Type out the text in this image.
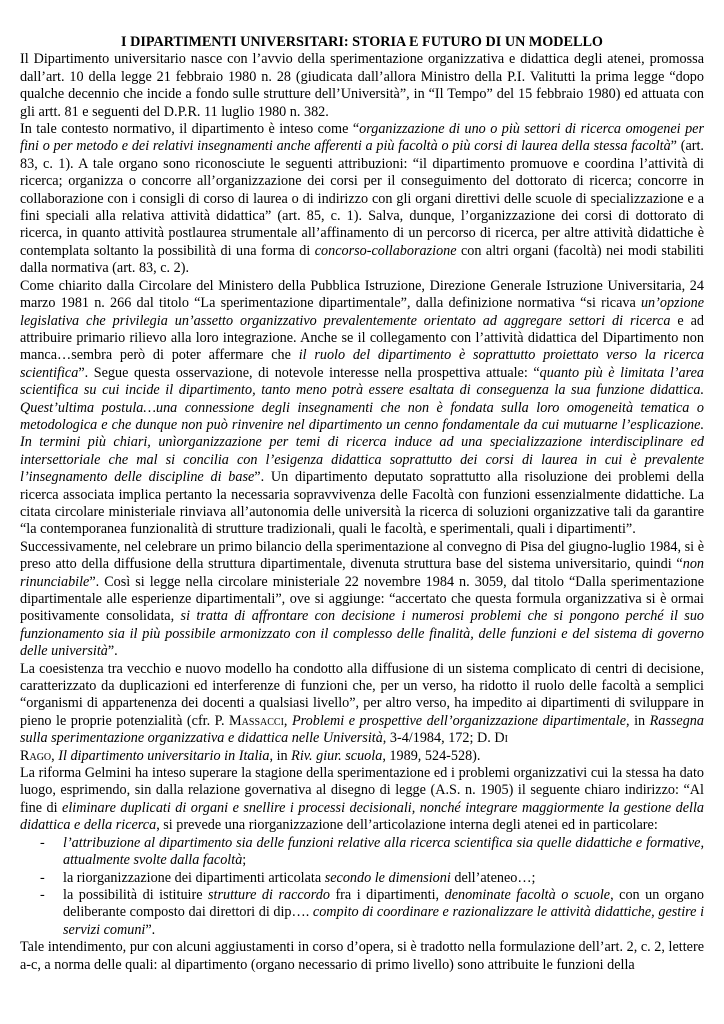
I DIPARTIMENTI UNIVERSITARI: STORIA E FUTURO DI UN MODELLO

Il Dipartimento universitario nasce con l’avvio della sperimentazione organizzativa e didattica degli atenei, promossa dall’art. 10 della legge 21 febbraio 1980 n. 28 (giudicata dall’allora Ministro della P.I. Valitutti la prima legge “dopo qualche decennio che incide a fondo sulle strutture dell’Università”, in “Il Tempo” del 15 febbraio 1980) ed attuata con gli artt. 81 e seguenti del D.P.R. 11 luglio 1980 n. 382.

In tale contesto normativo, il dipartimento è inteso come “organizzazione di uno o più settori di ricerca omogenei per fini o per metodo e dei relativi insegnamenti anche afferenti a più facoltà o più corsi di laurea della stessa facoltà” (art. 83, c. 1). A tale organo sono riconosciute le seguenti attribuzioni: “il dipartimento promuove e coordina l’attività di ricerca; organizza o concorre all’organizzazione dei corsi per il conseguimento del dottorato di ricerca; concorre in collaborazione con i consigli di corso di laurea o di indirizzo con gli organi direttivi delle scuole di specializzazione e a fini speciali alla relativa attività didattica” (art. 85, c. 1). Salva, dunque, l’organizzazione dei corsi di dottorato di ricerca, in quanto attività postlaurea strumentale all’affinamento di un percorso di ricerca, per altre attività didattiche è contemplata soltanto la possibilità di una forma di concorso-collaborazione con altri organi (facoltà) nei modi stabiliti dalla normativa (art. 83, c. 2).

Come chiarito dalla Circolare del Ministero della Pubblica Istruzione, Direzione Generale Istruzione Universitaria, 24 marzo 1981 n. 266 dal titolo “La sperimentazione dipartimentale”, dalla definizione normativa “si ricava un’opzione legislativa che privilegia un’assetto organizzativo prevalentemente orientato ad aggregare settori di ricerca e ad attribuire primario rilievo alla loro integrazione. Anche se il collegamento con l’attività didattica del Dipartimento non manca…sembra però di poter affermare che il ruolo del dipartimento è soprattutto proiettato verso la ricerca scientifica”. Segue questa osservazione, di notevole interesse nella prospettiva attuale: “quanto più è limitata l’area scientifica su cui incide il dipartimento, tanto meno potrà essere esaltata di conseguenza la sua funzione didattica. Quest’ultima postula…una connessione degli insegnamenti che non è fondata sulla loro omogeneità tematica o metodologica e che dunque non può rinvenire nel dipartimento un cenno fondamentale da cui mutuarne l’esplicazione. In termini più chiari, unìorganizzazione per temi di ricerca induce ad una specializzazione interdisciplinare ed intersettoriale che mal si concilia con l’esigenza didattica soprattutto dei corsi di laurea in cui è prevalente l’insegnamento delle discipline di base”. Un dipartimento deputato soprattutto alla risoluzione dei problemi della ricerca associata implica pertanto la necessaria sopravvivenza delle Facoltà con funzioni essenzialmente didattiche. La citata circolare ministeriale rinviava all’autonomia delle università la ricerca di soluzioni organizzative tali da garantire “la contemporanea funzionalità di strutture tradizionali, quali le facoltà, e sperimentali, quali i dipartimenti”.

Successivamente, nel celebrare un primo bilancio della sperimentazione al convegno di Pisa del giugno-luglio 1984, si è preso atto della diffusione della struttura dipartimentale, divenuta struttura base del sistema universitario, quindi “non rinunciabile”. Così si legge nella circolare ministeriale 22 novembre 1984 n. 3059, dal titolo “Dalla sperimentazione dipartimentale alle esperienze dipartimentali”, ove si aggiunge: “accertato che questa formula organizzativa si è ormai positivamente consolidata, si tratta di affrontare con decisione i numerosi problemi che si pongono perché il suo funzionamento sia il più possibile armonizzato con il complesso delle finalità, delle funzioni e del sistema di governo delle università”.

La coesistenza tra vecchio e nuovo modello ha condotto alla diffusione di un sistema complicato di centri di decisione, caratterizzato da duplicazioni ed interferenze di funzioni che, per un verso, ha ridotto il ruolo delle facoltà a semplici “organismi di appartenenza dei docenti a qualsiasi livello”, per altro verso, ha impedito ai dipartimenti di sviluppare in pieno le proprie potenzialità (cfr. P. Massacci, Problemi e prospettive dell’organizzazione dipartimentale, in Rassegna sulla sperimentazione organizzativa e didattica nelle Università, 3-4/1984, 172; D. Di
Rago, Il dipartimento universitario in Italia, in Riv. giur. scuola, 1989, 524-528).

La riforma Gelmini ha inteso superare la stagione della sperimentazione ed i problemi organizzativi cui la stessa ha dato luogo, esprimendo, sin dalla relazione governativa al disegno di legge (A.S. n. 1905) il seguente chiaro indirizzo: “Al fine di eliminare duplicati di organi e snellire i processi decisionali, nonché integrare maggiormente la gestione della didattica e della ricerca, si prevede una riorganizzazione dell’articolazione interna degli atenei ed in particolare:

- l’attribuzione al dipartimento sia delle funzioni relative alla ricerca scientifica sia quelle didattiche e formative, attualmente svolte dalla facoltà;
- la riorganizzazione dei dipartimenti articolata secondo le dimensioni dell’ateneo…;
- la possibilità di istituire strutture di raccordo fra i dipartimenti, denominate facoltà o scuole, con un organo deliberante composto dai direttori di dip…. compito di coordinare e razionalizzare le attività didattiche, gestire i servizi comuni”.

Tale intendimento, pur con alcuni aggiustamenti in corso d’opera, si è tradotto nella formulazione dell’art. 2, c. 2, lettere a-c, a norma delle quali: al dipartimento (organo necessario di primo livello) sono attribuite le funzioni della
